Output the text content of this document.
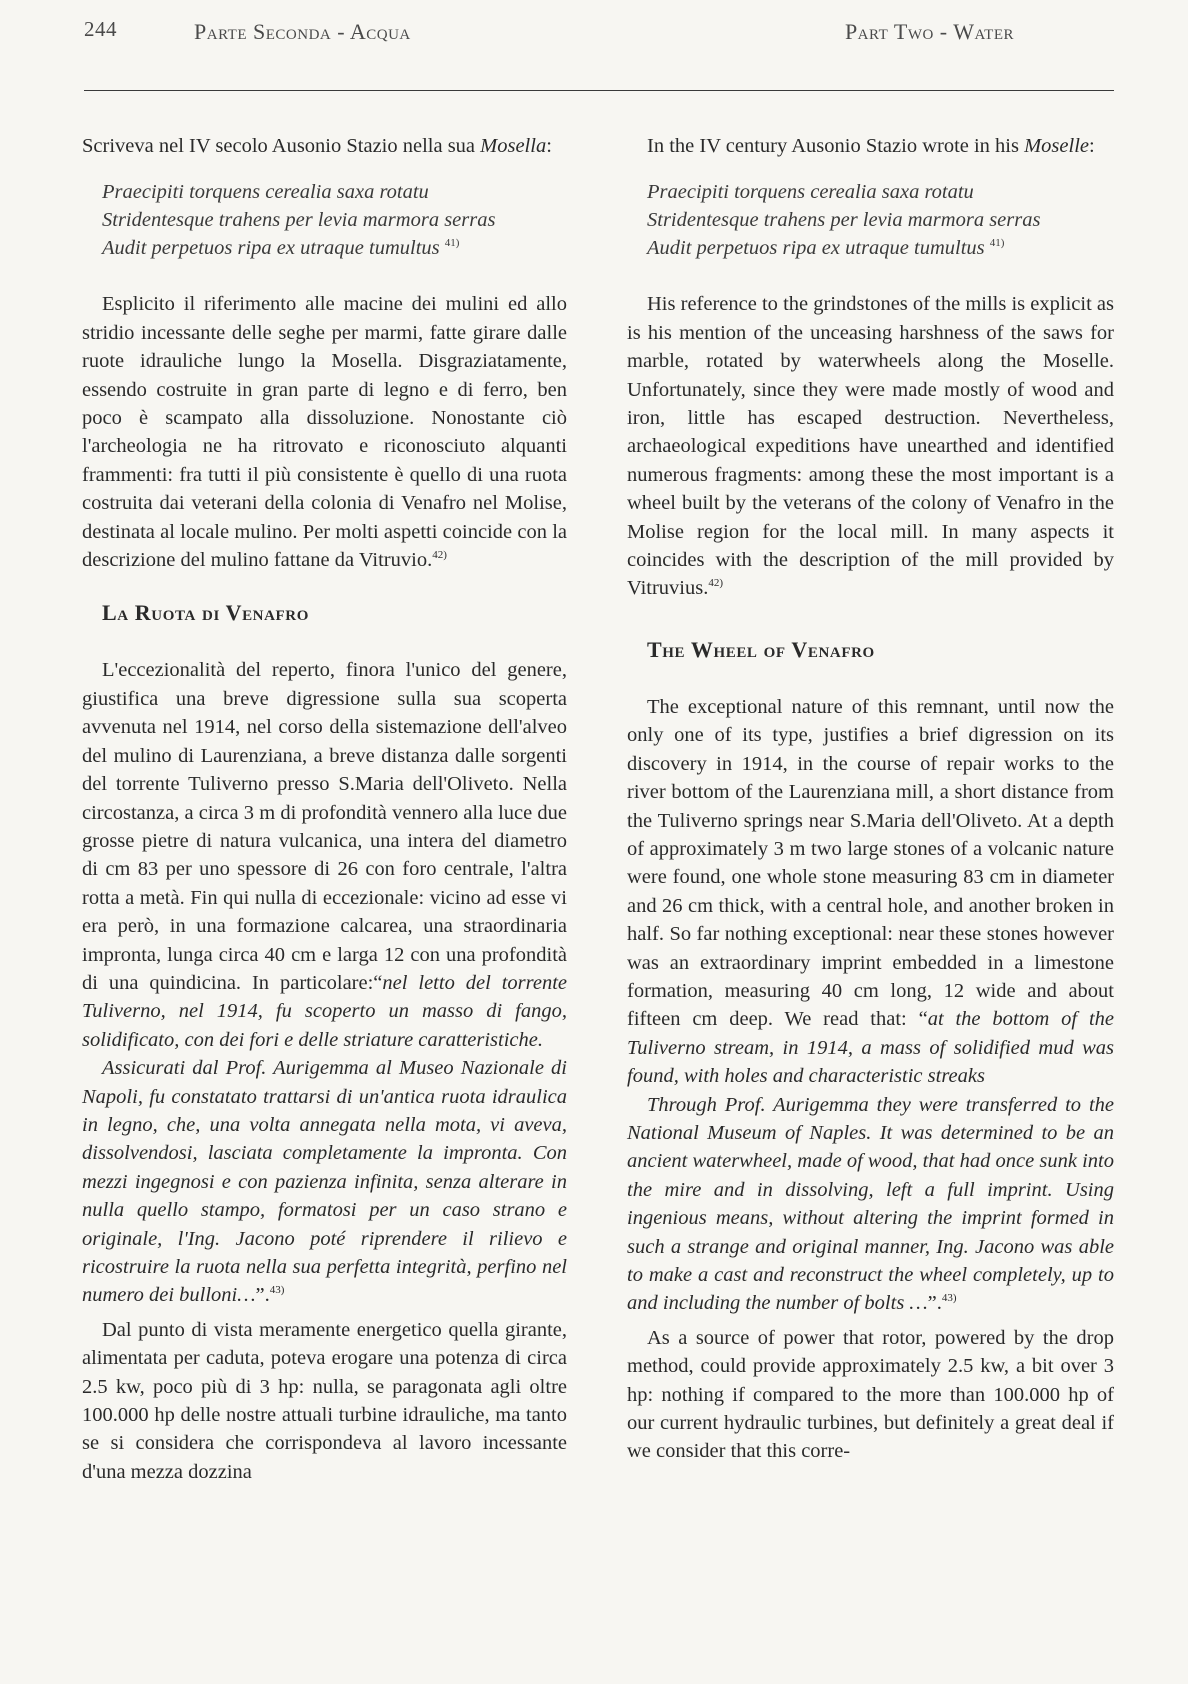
244	Parte Seconda - Acqua	Part Two - Water

Scriveva nel IV secolo Ausonio Stazio nella sua Mosella:

Praecipiti torquens cerealia saxa rotatu
Stridentesque trahens per levia marmora serras
Audit perpetuos ripa ex utraque tumultus $^{41)}$

Esplicito il riferimento alle macine dei mulini ed allo stridio incessante delle seghe per marmi, fatte girare dalle ruote idrauliche lungo la Mosella. Disgraziatamente, essendo costruite in gran parte di legno e di ferro, ben poco è scampato alla dissoluzione. Nonostante ciò l'archeologia ne ha ritrovato e riconosciuto alquanti frammenti: fra tutti il più consistente è quello di una ruota costruita dai veterani della colonia di Venafro nel Molise, destinata al locale mulino. Per molti aspetti coincide con la descrizione del mulino fattane da Vitruvio.$^{42)}$

La Ruota di Venafro

L'eccezionalità del reperto, finora l'unico del genere, giustifica una breve digressione sulla sua scoperta avvenuta nel 1914, nel corso della sistemazione dell'alveo del mulino di Laurenziana, a breve distanza dalle sorgenti del torrente Tuliverno presso S.Maria dell'Oliveto. Nella circostanza, a circa 3 m di profondità vennero alla luce due grosse pietre di natura vulcanica, una intera del diametro di cm 83 per uno spessore di 26 con foro centrale, l'altra rotta a metà. Fin qui nulla di eccezionale: vicino ad esse vi era però, in una formazione calcarea, una straordinaria impronta, lunga circa 40 cm e larga 12 con una profondità di una quindicina. In particolare:“nel letto del torrente Tuliverno, nel 1914, fu scoperto un masso di fango, solidificato, con dei fori e delle striature caratteristiche.

Assicurati dal Prof. Aurigemma al Museo Nazionale di Napoli, fu constatato trattarsi di un'antica ruota idraulica in legno, che, una volta annegata nella mota, vi aveva, dissolvendosi, lasciata completamente la impronta. Con mezzi ingegnosi e con pazienza infinita, senza alterare in nulla quello stampo, formatosi per un caso strano e originale, l'Ing. Jacono poté riprendere il rilievo e ricostruire la ruota nella sua perfetta integrità, perfino nel numero dei bulloni…”.$^{43)}$

Dal punto di vista meramente energetico quella girante, alimentata per caduta, poteva erogare una potenza di circa 2.5 kw, poco più di 3 hp: nulla, se paragonata agli oltre 100.000 hp delle nostre attuali turbine idrauliche, ma tanto se si considera che corrispondeva al lavoro incessante d'una mezza dozzina

In the IV century Ausonio Stazio wrote in his Moselle:

Praecipiti torquens cerealia saxa rotatu
Stridentesque trahens per levia marmora serras
Audit perpetuos ripa ex utraque tumultus $^{41)}$

His reference to the grindstones of the mills is explicit as is his mention of the unceasing harshness of the saws for marble, rotated by waterwheels along the Moselle. Unfortunately, since they were made mostly of wood and iron, little has escaped destruction. Nevertheless, archaeological expeditions have unearthed and identified numerous fragments: among these the most important is a wheel built by the veterans of the colony of Venafro in the Molise region for the local mill. In many aspects it coincides with the description of the mill provided by Vitruvius.$^{42)}$

The Wheel of Venafro

The exceptional nature of this remnant, until now the only one of its type, justifies a brief digression on its discovery in 1914, in the course of repair works to the river bottom of the Laurenziana mill, a short distance from the Tuliverno springs near S.Maria dell'Oliveto. At a depth of approximately 3 m two large stones of a volcanic nature were found, one whole stone measuring 83 cm in diameter and 26 cm thick, with a central hole, and another broken in half. So far nothing exceptional: near these stones however was an extraordinary imprint embedded in a limestone formation, measuring 40 cm long, 12 wide and about fifteen cm deep. We read that: “at the bottom of the Tuliverno stream, in 1914, a mass of solidified mud was found, with holes and characteristic streaks

Through Prof. Aurigemma they were transferred to the National Museum of Naples. It was determined to be an ancient waterwheel, made of wood, that had once sunk into the mire and in dissolving, left a full imprint. Using ingenious means, without altering the imprint formed in such a strange and original manner, Ing. Jacono was able to make a cast and reconstruct the wheel completely, up to and including the number of bolts …”.$^{43)}$

As a source of power that rotor, powered by the drop method, could provide approximately 2.5 kw, a bit over 3 hp: nothing if compared to the more than 100.000 hp of our current hydraulic turbines, but definitely a great deal if we consider that this corre-
